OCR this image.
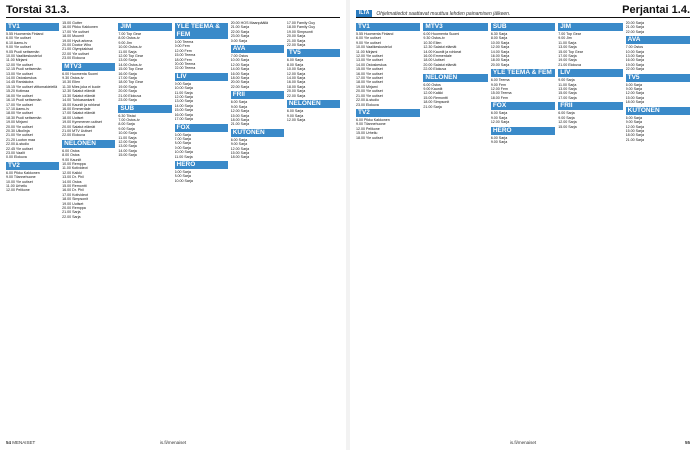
Torstai 31.3.
TV1

5.55 Huomenta Finland

6.00 Yle uutiset

6.10 Aamu-tv

9.00 Yle uutiset

9.05 Puoli seitsemän

10.00 Vaalikeskustelut

11.00 Mirjami

12.00 Yle uutiset

12.15 Puoli seitsemän

13.00 Yle uutiset

14.00 Ostoskeskus

14.45 Rantakoira

15.15 Yle uutiset viittomakielellä

15.20 Kotimaa

16.00 Yle uutiset

16.10 Puoli seitsemän

17.00 Yle uutiset

17.10 Aamu-tv

18.00 Yle uutiset

18.30 Puoli seitsemän

19.00 Mirjami

20.00 Yle uutiset

20.30 Ulkolinja

21.00 Yle uutiset

21.20 Luoton maa

22.00 A-studio

22.45 Yle uutiset

23.00 Vaalit

0.00 Elokuva

TV2

6.00 Pikku Kakkonen

9.00 Tilannehuone

10.00 Yle uutiset

11.00 Urheilu

12.00 Pelikone

15.00 Gutter

16.00 Pikku Kakkonen

17.00 Yle uutiset

18.00 Muumit

19.00 Hyvä arkena

20.00 Doctor Who

21.00 Olympiakisat

22.00 Yle uutiset

23.00 Elokuva

MTV3

6.00 Huomenta Suomi

9.30 Ostos-tv

10.30 Ellen

11.30 Mies joka ei kuole

12.30 Salatut elämät

13.30 Salatut elämät

14.00 Tuhkasankarit

15.00 Kauniit ja rohkeat

16.00 Emmerdale

17.00 Salatut elämät

18.00 Uutiset

19.00 Kymmenen uutiset

20.00 Salatut elämät

21.00 MTV Uutiset

22.00 Elokuva

NELONEN

6.00 Ostos

8.00 Ostos

9.00 Kauniit

10.00 Remppa

11.00 Kotivideot

12.00 Kaikki

13.00 Dr. Phil

14.00 Ostos

15.00 Remontti

16.00 Dr. Phil

17.00 Kotivideot

18.00 Simpsonit

19.00 Uutiset

20.00 Remppa

21.00 Sarja

22.00 Sarja

JIM

7.00 Top Gear

8.00 Ostos-tv

9.00 Jim

10.00 Ostos-tv

11.00 Sarja

12.00 Top Gear

13.00 Sarja

14.00 Ostos-tv

15.00 Top Gear

16.00 Sarja

17.00 Sarja

18.00 Top Gear

19.00 Sarja

20.00 Sarja

21.00 Elokuva

23.00 Sarja

SUB

6.30 Tiistai

7.00 Ostos-tv

8.00 Sarja

9.00 Sarja

10.00 Sarja

11.00 Sarja

12.00 Sarja

13.00 Sarja

14.00 Sarja

15.00 Sarja

YLE TEEMA & FEM

6.00 Teema

9.00 Fem

12.00 Fem

15.00 Teema

18.00 Fem

20.00 Teema

22.00 Teema

LIV

9.00 Sarja

10.00 Sarja

11.00 Sarja

12.00 Sarja

13.00 Sarja

14.00 Sarja

15.00 Sarja

16.00 Sarja

17.00 Sarja

FOX

6.00 Sarja

7.00 Sarja

8.00 Sarja

9.00 Sarja

10.00 Sarja

11.00 Sarja

HERO

6.00 Sarja

8.00 Sarja

10.00 Sarja

20.00 HOS Maanpäällä

21.00 Sarja

22.00 Sarja

23.00 Sarja

0.00 Sarja

AVA

7.00 Ostos

10.00 Sarja

12.00 Sarja

14.00 Sarja

16.00 Sarja

18.00 Sarja

20.00 Sarja

22.00 Sarja

FRII

6.00 Sarja

9.00 Sarja

12.00 Sarja

15.00 Sarja

18.00 Sarja

21.00 Sarja

KUTONEN

6.00 Sarja

9.00 Sarja

12.00 Sarja

15.00 Sarja

18.00 Sarja

17.00 Family Guy

18.00 Family Guy

19.00 Simpsonit

20.00 Sarja

21.00 Sarja

22.00 Sarja

TV5

6.00 Sarja

8.00 Sarja

10.00 Sarja

12.00 Sarja

14.00 Sarja

16.00 Sarja

18.00 Sarja

20.00 Sarja

22.00 Sarja

NELONEN

6.00 Sarja

9.00 Sarja

12.00 Sarja

54 MENAISET	is.fi/menaiset
ILTA	Ohjelmatiedot saattavat muuttua lehden painamisen jälkeen.	Perjantai 1.4.
TV1

5.55 Huomenta Finland

6.00 Yle uutiset

9.00 Yle uutiset

10.00 Vaalikeskustelut

11.00 Mirjami

12.00 Yle uutiset

13.00 Yle uutiset

14.00 Ostoskeskus

15.00 Yle uutiset

16.00 Yle uutiset

17.00 Yle uutiset

18.00 Yle uutiset

19.00 Mirjami

20.00 Yle uutiset

21.00 Yle uutiset

22.00 A-studio

23.00 Elokuva

TV2

6.00 Pikku Kakkonen

9.00 Tilannehuone

12.00 Pelikone

15.00 Urheilu

18.00 Yle uutiset

MTV3

6.00 Huomenta Suomi

9.30 Ostos-tv

10.30 Ellen

12.30 Salatut elämät

14.00 Kauniit ja rohkeat

16.00 Emmerdale

18.00 Uutiset

20.00 Salatut elämät

22.00 Elokuva

NELONEN

6.00 Ostos

9.00 Kauniit

12.00 Kaikki

15.00 Remontti

18.00 Simpsonit

21.00 Sarja

SUB

6.30 Sarja

8.00 Sarja

10.00 Sarja

12.00 Sarja

14.00 Sarja

16.00 Sarja

18.00 Sarja

20.00 Sarja

YLE TEEMA & FEM

6.00 Teema

9.00 Fem

12.00 Fem

15.00 Teema

18.00 Fem

FOX

6.00 Sarja

9.00 Sarja

12.00 Sarja

HERO

6.00 Sarja

9.00 Sarja

JIM

7.00 Top Gear

9.00 Jim

11.00 Sarja

13.00 Sarja

15.00 Top Gear

17.00 Sarja

19.00 Sarja

21.00 Elokuva

LIV

9.00 Sarja

11.00 Sarja

13.00 Sarja

15.00 Sarja

17.00 Sarja

FRII

6.00 Sarja

9.00 Sarja

12.00 Sarja

15.00 Sarja

20.00 Sarja

21.00 Sarja

22.00 Sarja

AVA

7.00 Ostos

10.00 Sarja

13.00 Sarja

16.00 Sarja

19.00 Sarja

22.00 Sarja

TV5

6.00 Sarja

9.00 Sarja

12.00 Sarja

15.00 Sarja

18.00 Sarja

KUTONEN

6.00 Sarja

9.00 Sarja

12.00 Sarja

15.00 Sarja

18.00 Sarja

21.00 Sarja

is.fi/menaiset	55
